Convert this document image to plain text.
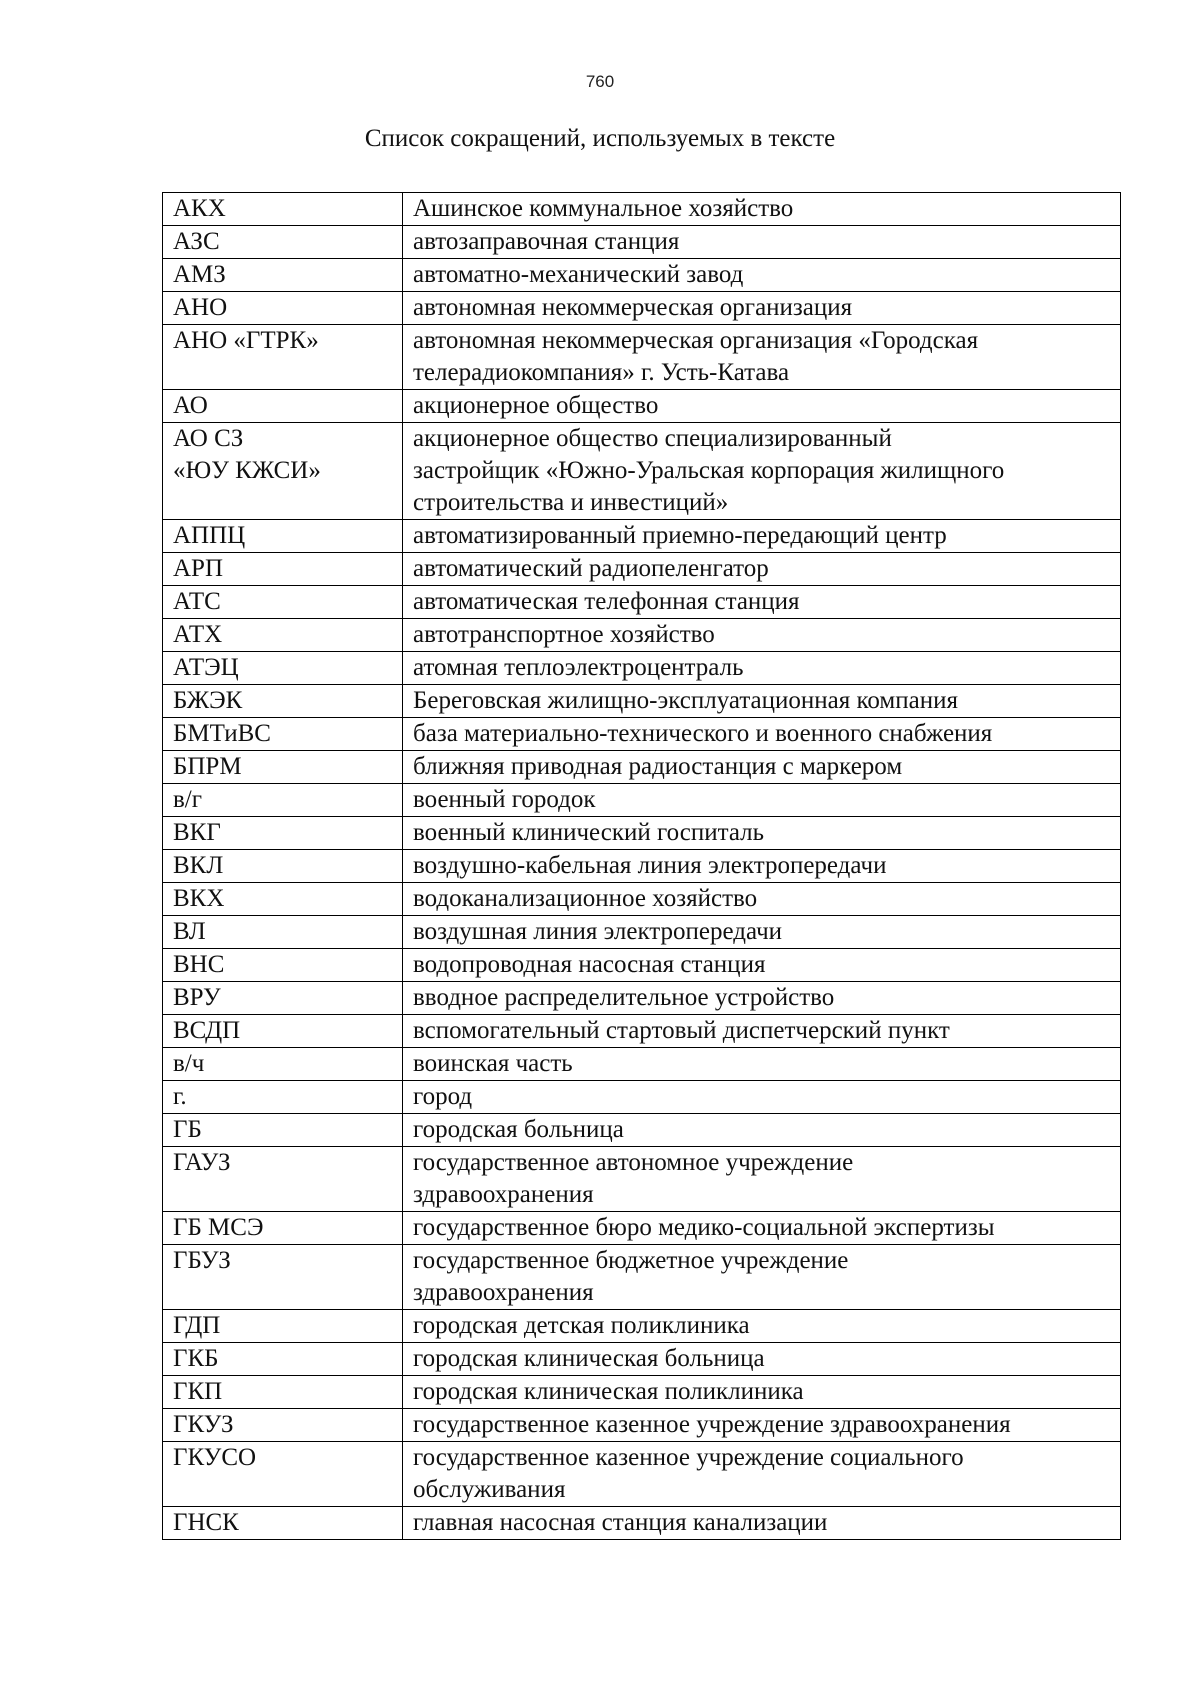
760
Список сокращений, используемых в тексте
АКХ	Ашинское коммунальное хозяйство
АЗС	автозаправочная станция
АМЗ	автоматно-механический завод
АНО	автономная некоммерческая организация
АНО «ГТРК»	автономная некоммерческая организация «Городская
телерадиокомпания» г. Усть-Катава
АО	акционерное общество
АО СЗ
«ЮУ КЖСИ»	акционерное общество специализированный
застройщик «Южно-Уральская корпорация жилищного
строительства и инвестиций»
АППЦ	автоматизированный приемно-передающий центр
АРП	автоматический радиопеленгатор
АТС	автоматическая телефонная станция
АТХ	автотранспортное хозяйство
АТЭЦ	атомная теплоэлектроцентраль
БЖЭК	Береговская жилищно-эксплуатационная компания
БМТиВС	база материально-технического и военного снабжения
БПРМ	ближняя приводная радиостанция с маркером
в/г	военный городок
ВКГ	военный клинический госпиталь
ВКЛ	воздушно-кабельная линия электропередачи
ВКХ	водоканализационное хозяйство
ВЛ	воздушная линия электропередачи
ВНС	водопроводная насосная станция
ВРУ	вводное распределительное устройство
ВСДП	вспомогательный стартовый диспетчерский пункт
в/ч	воинская часть
г.	город
ГБ	городская больница
ГАУЗ	государственное автономное учреждение
здравоохранения
ГБ МСЭ	государственное бюро медико-социальной экспертизы
ГБУЗ	государственное бюджетное учреждение
здравоохранения
ГДП	городская детская поликлиника
ГКБ	городская клиническая больница
ГКП	городская клиническая поликлиника
ГКУЗ	государственное казенное учреждение здравоохранения
ГКУСО	государственное казенное учреждение социального
обслуживания
ГНСК	главная насосная станция канализации
